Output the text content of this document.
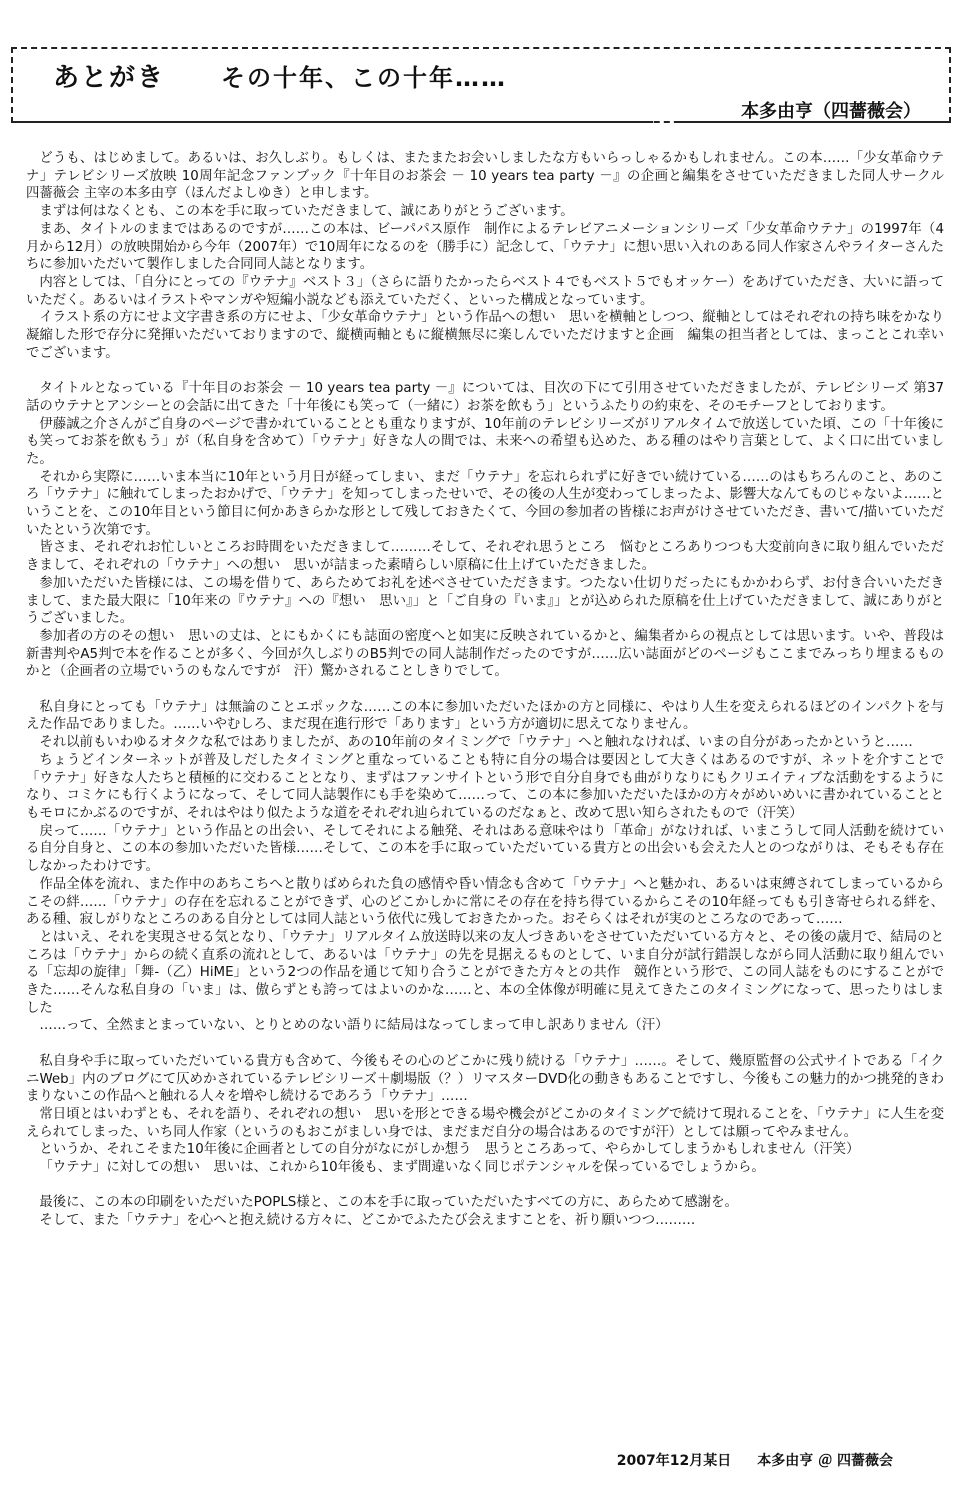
あとがき その十年、この十年……
本多由亨（四薔薇会）

どうも、はじめまして。あるいは、お久しぶり。もしくは、またまたお会いしましたな方もいらっしゃるかもしれません。この本……「少女革命ウテナ」テレビシリーズ放映 10周年記念ファンブック『十年目のお茶会 － 10 years tea party －』の企画と編集をさせていただきました同人サークル　四薔薇会 主宰の本多由亨（ほんだよしゆき）と申します。

まずは何はなくとも、この本を手に取っていただきまして、誠にありがとうございます。

まあ、タイトルのままではあるのですが……この本は、ビーパパス原作　制作によるテレビアニメーションシリーズ「少女革命ウテナ」の1997年（4月から12月）の放映開始から今年（2007年）で10周年になるのを（勝手に）記念して、「ウテナ」に想い思い入れのある同人作家さんやライターさんたちに参加いただいて製作しました合同同人誌となります。

内容としては、「自分にとっての『ウテナ』ベスト３」（さらに語りたかったらベスト４でもベスト５でもオッケー）をあげていただき、大いに語っていただく。あるいはイラストやマンガや短編小説なども添えていただく、といった構成となっています。

イラスト系の方にせよ文字書き系の方にせよ、「少女革命ウテナ」という作品への想い　思いを横軸としつつ、縦軸としてはそれぞれの持ち味をかなり凝縮した形で存分に発揮いただいておりますので、縦横両軸ともに縦横無尽に楽しんでいただけますと企画　編集の担当者としては、まっことこれ幸いでございます。

タイトルとなっている『十年目のお茶会 － 10 years tea party －』については、目次の下にて引用させていただきましたが、テレビシリーズ 第37話のウテナとアンシーとの会話に出てきた「十年後にも笑って（一緒に）お茶を飲もう」というふたりの約束を、そのモチーフとしております。

伊藤誠之介さんがご自身のページで書かれていることとも重なりますが、10年前のテレビシリーズがリアルタイムで放送していた頃、この「十年後にも笑ってお茶を飲もう」が（私自身を含めて）「ウテナ」好きな人の間では、未来への希望も込めた、ある種のはやり言葉として、よく口に出ていました。

それから実際に……いま本当に10年という月日が経ってしまい、まだ「ウテナ」を忘れられずに好きでい続けている……のはもちろんのこと、あのころ「ウテナ」に触れてしまったおかげで、「ウテナ」を知ってしまったせいで、その後の人生が変わってしまったよ、影響大なんてものじゃないよ……ということを、この10年目という節目に何かあきらかな形として残しておきたくて、今回の参加者の皆様にお声がけさせていただき、書いて/描いていただいたという次第です。

皆さま、それぞれお忙しいところお時間をいただきまして………そして、それぞれ思うところ　悩むところありつつも大変前向きに取り組んでいただきまして、それぞれの「ウテナ」への想い　思いが詰まった素晴らしい原稿に仕上げていただきました。

参加いただいた皆様には、この場を借りて、あらためてお礼を述べさせていただきます。つたない仕切りだったにもかかわらず、お付き合いいただきまして、また最大限に「10年来の『ウテナ』への『想い　思い』」と「ご自身の『いま』」とが込められた原稿を仕上げていただきまして、誠にありがとうございました。

参加者の方のその想い　思いの丈は、とにもかくにも誌面の密度へと如実に反映されているかと、編集者からの視点としては思います。いや、普段は新書判やA5判で本を作ることが多く、今回が久しぶりのB5判での同人誌制作だったのですが……広い誌面がどのページもここまでみっちり埋まるものかと（企画者の立場でいうのもなんですが　汗）驚かされることしきりでして。

私自身にとっても「ウテナ」は無論のことエポックな……この本に参加いただいたほかの方と同様に、やはり人生を変えられるほどのインパクトを与えた作品でありました。……いやむしろ、まだ現在進行形で「あります」という方が適切に思えてなりません。

それ以前もいわゆるオタクな私ではありましたが、あの10年前のタイミングで「ウテナ」へと触れなければ、いまの自分があったかというと……

ちょうどインターネットが普及しだしたタイミングと重なっていることも特に自分の場合は要因として大きくはあるのですが、ネットを介すことで「ウテナ」好きな人たちと積極的に交わることとなり、まずはファンサイトという形で自分自身でも曲がりなりにもクリエイティブな活動をするようになり、コミケにも行くようになって、そして同人誌製作にも手を染めて……って、この本に参加いただいたほかの方々がめいめいに書かれていることともモロにかぶるのですが、それはやはり似たような道をそれぞれ辿られているのだなぁと、改めて思い知らされたもので（汗笑）

戻って……「ウテナ」という作品との出会い、そしてそれによる触発、それはある意味やはり「革命」がなければ、いまこうして同人活動を続けている自分自身と、この本の参加いただいた皆様……そして、この本を手に取っていただいている貴方との出会いも会えた人とのつながりは、そもそも存在しなかったわけです。

作品全体を流れ、また作中のあちこちへと散りばめられた負の感情や昏い情念も含めて「ウテナ」へと魅かれ、あるいは束縛されてしまっているからこその絆……「ウテナ」の存在を忘れることができず、心のどこかしかに常にその存在を持ち得ているからこその10年経ってもも引き寄せられる絆を、ある種、寂しがりなところのある自分としては同人誌という依代に残しておきたかった。おそらくはそれが実のところなのであって……

とはいえ、それを実現させる気となり、「ウテナ」リアルタイム放送時以来の友人づきあいをさせていただいている方々と、その後の歳月で、結局のところは「ウテナ」からの続く直系の流れとして、あるいは「ウテナ」の先を見据えるものとして、いま自分が試行錯誤しながら同人活動に取り組んでいる「忘却の旋律」「舞-（乙）HiME」という2つの作品を通じて知り合うことができた方々との共作　競作という形で、この同人誌をものにすることができた……そんな私自身の「いま」は、傲らずとも誇ってはよいのかな……と、本の全体像が明確に見えてきたこのタイミングになって、思ったりはしました

……って、全然まとまっていない、とりとめのない語りに結局はなってしまって申し訳ありません（汗）

私自身や手に取っていただいている貴方も含めて、今後もその心のどこかに残り続ける「ウテナ」……。そして、幾原監督の公式サイトである「イクニWeb」内のブログにて仄めかされているテレビシリーズ＋劇場版（？）リマスターDVD化の動きもあることですし、今後もこの魅力的かつ挑発的きわまりないこの作品へと触れる人々を増やし続けるであろう「ウテナ」……

常日頃とはいわずとも、それを語り、それぞれの想い　思いを形とできる場や機会がどこかのタイミングで続けて現れることを、「ウテナ」に人生を変えられてしまった、いち同人作家（というのもおこがましい身では、まだまだ自分の場合はあるのですが汗）としては願ってやみません。

というか、それこそまた10年後に企画者としての自分がなにがしか想う　思うところあって、やらかしてしまうかもしれません（汗笑）

「ウテナ」に対しての想い　思いは、これから10年後も、まず間違いなく同じポテンシャルを保っているでしょうから。

最後に、この本の印刷をいただいたPOPLS様と、この本を手に取っていただいたすべての方に、あらためて感謝を。

そして、また「ウテナ」を心へと抱え続ける方々に、どこかでふたたび会えますことを、祈り願いつつ………

2007年12月某日 本多由亨 ＠ 四薔薇会
